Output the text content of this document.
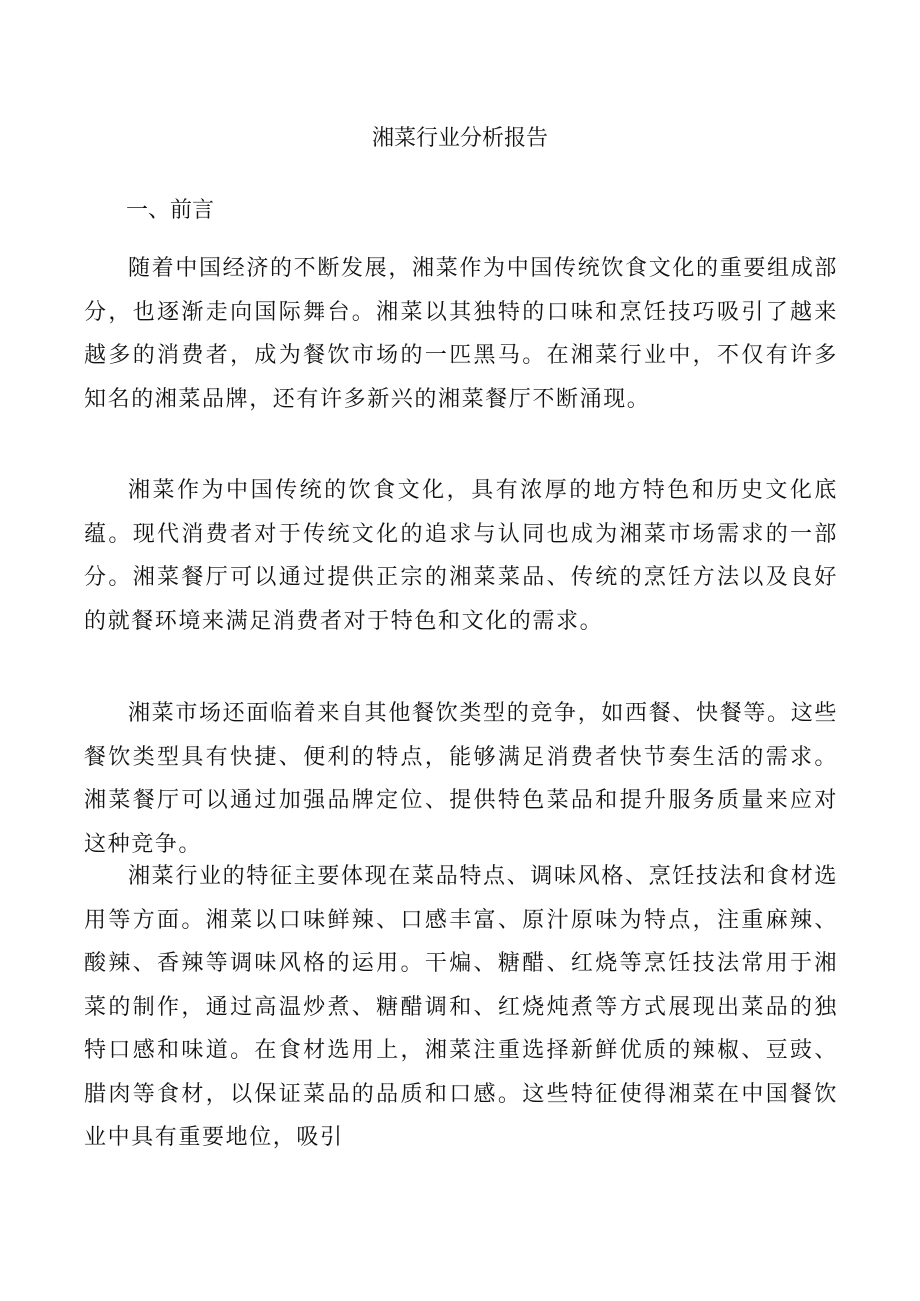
湘菜行业分析报告
一、前言

随着中国经济的不断发展，湘菜作为中国传统饮食文化的重要组成部分，也逐渐走向国际舞台。湘菜以其独特的口味和烹饪技巧吸引了越来越多的消费者，成为餐饮市场的一匹黑马。在湘菜行业中，不仅有许多知名的湘菜品牌，还有许多新兴的湘菜餐厅不断涌现。

湘菜作为中国传统的饮食文化，具有浓厚的地方特色和历史文化底蕴。现代消费者对于传统文化的追求与认同也成为湘菜市场需求的一部分。湘菜餐厅可以通过提供正宗的湘菜菜品、传统的烹饪方法以及良好的就餐环境来满足消费者对于特色和文化的需求。

湘菜市场还面临着来自其他餐饮类型的竞争，如西餐、快餐等。这些餐饮类型具有快捷、便利的特点，能够满足消费者快节奏生活的需求。湘菜餐厅可以通过加强品牌定位、提供特色菜品和提升服务质量来应对这种竞争。

湘菜行业的特征主要体现在菜品特点、调味风格、烹饪技法和食材选用等方面。湘菜以口味鲜辣、口感丰富、原汁原味为特点，注重麻辣、酸辣、香辣等调味风格的运用。干煸、糖醋、红烧等烹饪技法常用于湘菜的制作，通过高温炒煮、糖醋调和、红烧炖煮等方式展现出菜品的独特口感和味道。在食材选用上，湘菜注重选择新鲜优质的辣椒、豆豉、腊肉等食材，以保证菜品的品质和口感。这些特征使得湘菜在中国餐饮业中具有重要地位，吸引
